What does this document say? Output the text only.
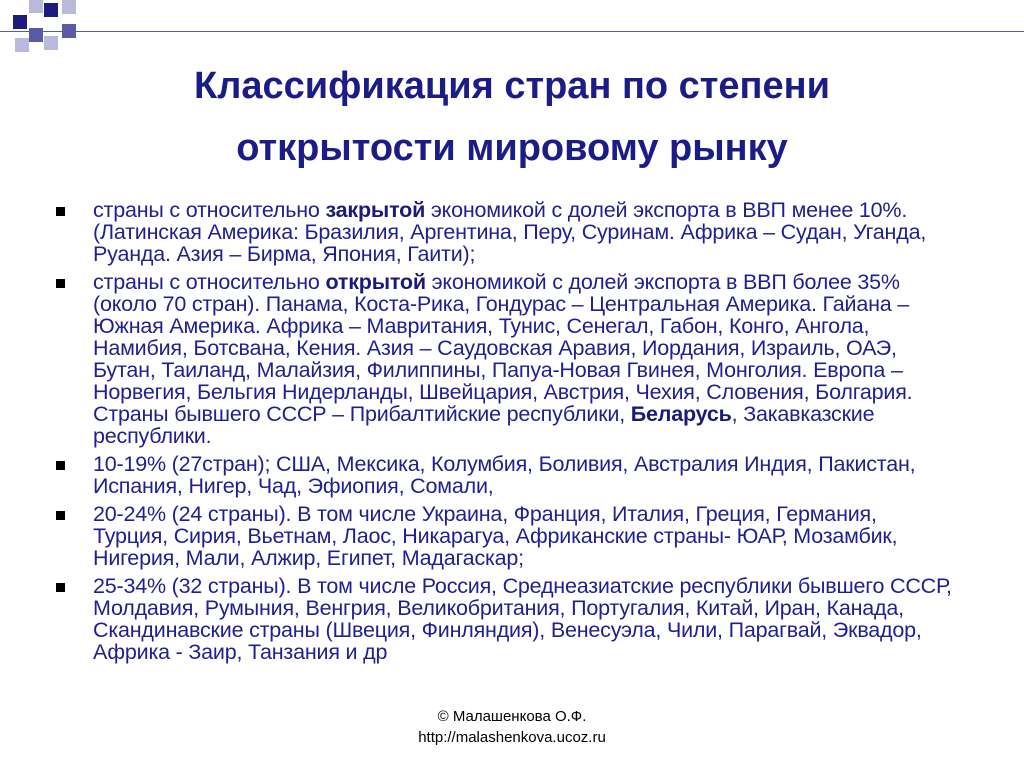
Классификация стран по степени
открытости мировому рынку
страны с относительно закрытой экономикой с долей экспорта в ВВП менее 10%. (Латинская Америка: Бразилия, Аргентина, Перу, Суринам. Африка – Судан, Уганда, Руанда. Азия – Бирма, Япония, Гаити);
страны с относительно открытой экономикой с долей экспорта в ВВП более 35% (около 70 стран). Панама, Коста-Рика, Гондурас – Центральная Америка. Гайана – Южная Америка. Африка – Мавритания, Тунис, Сенегал, Габон, Конго, Ангола, Намибия, Ботсвана, Кения. Азия – Саудовская Аравия, Иордания, Израиль, ОАЭ, Бутан, Таиланд, Малайзия, Филиппины, Папуа-Новая Гвинея, Монголия. Европа – Норвегия, Бельгия Нидерланды, Швейцария, Австрия, Чехия, Словения, Болгария. Страны бывшего СССР – Прибалтийские республики, Беларусь, Закавказские республики.
10-19% (27стран); США, Мексика, Колумбия, Боливия, Австралия Индия, Пакистан, Испания, Нигер, Чад, Эфиопия, Сомали,
20-24% (24 страны). В том числе Украина, Франция, Италия, Греция, Германия, Турция, Сирия, Вьетнам, Лаос, Никарагуа, Африканские страны- ЮАР, Мозамбик, Нигерия, Мали, Алжир, Египет, Мадагаскар;
25-34% (32 страны). В том числе Россия, Среднеазиатские республики бывшего СССР, Молдавия, Румыния, Венгрия, Великобритания, Португалия, Китай, Иран, Канада, Скандинавские страны (Швеция, Финляндия), Венесуэла, Чили, Парагвай, Эквадор, Африка - Заир, Танзания и др
© Малашенкова О.Ф.
http://malashenkova.ucoz.ru
